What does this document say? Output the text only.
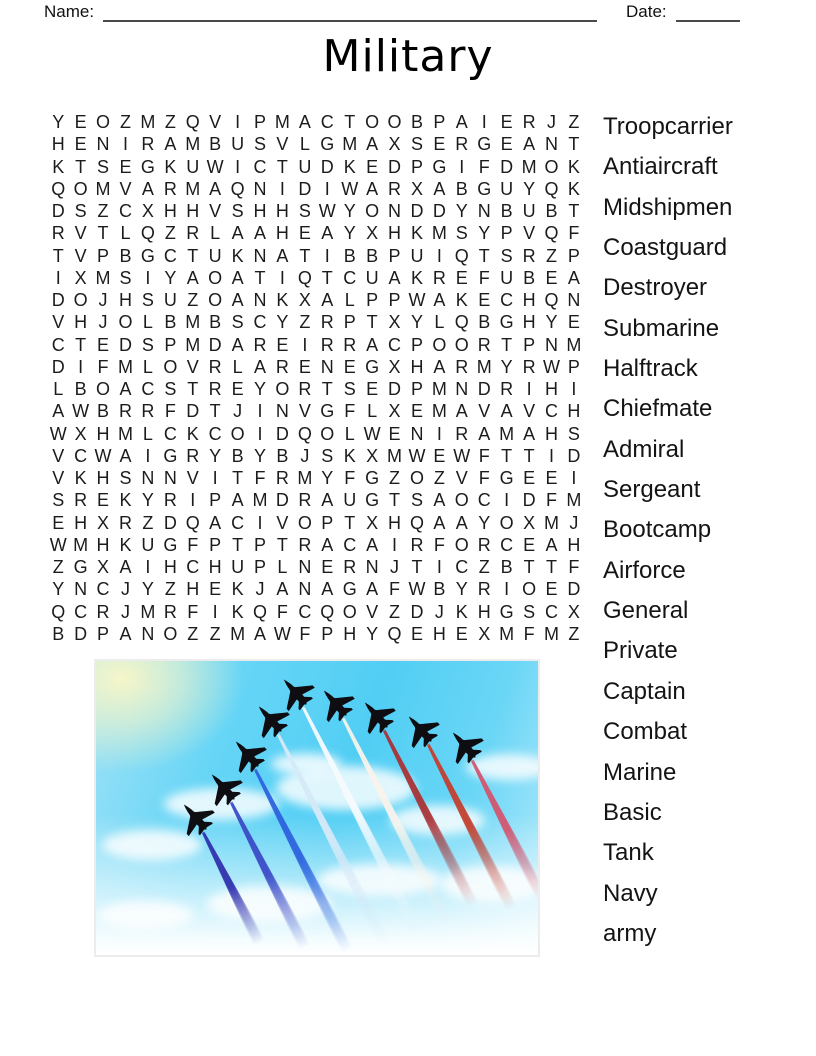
Name:	Date:
Military
Y E O Z M Z Q V I P M A C T O O B P A I E R J Z
H E N I R A M B U S V L G M A X S E R G E A N T
K T S E G K U W I C T U D K E D P G I F D M O K
Q O M V A R M A Q N I D I W A R X A B G U Y Q K
D S Z C X H H V S H H S W Y O N D D Y N B U B T
R V T L Q Z R L A A H E A Y X H K M S Y P V Q F
T V P B G C T U K N A T I B B P U I Q T S R Z P
I X M S I Y A O A T I Q T C U A K R E F U B E A
D O J H S U Z O A N K X A L P P W A K E C H Q N
V H J O L B M B S C Y Z R P T X Y L Q B G H Y E
C T E D S P M D A R E I R R A C P O O R T P N M
D I F M L O V R L A R E N E G X H A R M Y R W P
L B O A C S T R E Y O R T S E D P M N D R I H I
A W B R R F D T J I N V G F L X E M A V A V C H
W X H M L C K C O I D Q O L W E N I R A M A H S
V C W A I G R Y B Y B J S K X M W E W F T T I D
V K H S N N V I T F R M Y F G Z O Z V F G E E I
S R E K Y R I P A M D R A U G T S A O C I D F M
E H X R Z D Q A C I V O P T X H Q A A Y O X M J
W M H K U G F P T P T R A C A I R F O R C E A H
Z G X A I H C H U P L N E R N J T I C Z B T T F
Y N C J Y Z H E K J A N A G A F W B Y R I O E D
Q C R J M R F I K Q F C Q O V Z D J K H G S C X
B D P A N O Z Z M A W F P H Y Q E H E X M F M Z
Troopcarrier
Antiaircraft
Midshipmen
Coastguard
Destroyer
Submarine
Halftrack
Chiefmate
Admiral
Sergeant
Bootcamp
Airforce
General
Private
Captain
Combat
Marine
Basic
Tank
Navy
army
